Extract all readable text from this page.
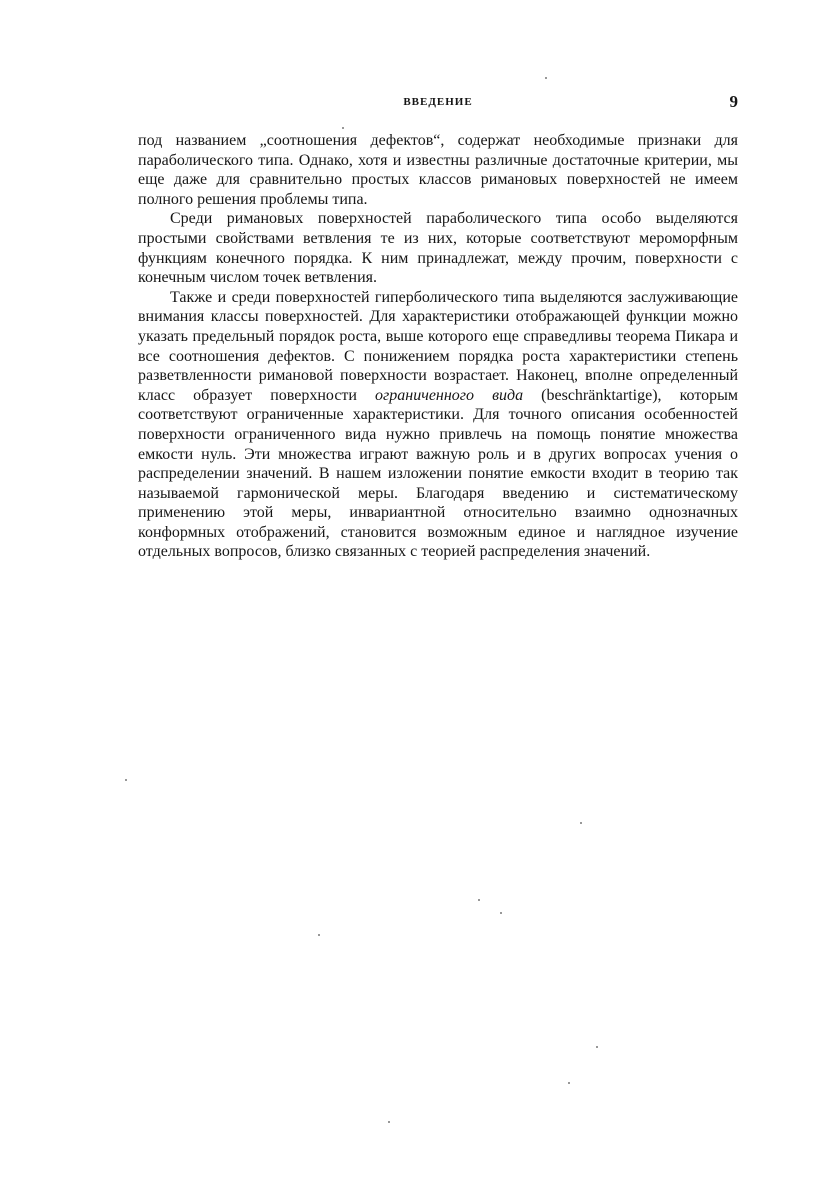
ВВЕДЕНИЕ	9

под названием „соотношения дефектов“, содержат необходимые признаки для параболического типа. Однако, хотя и известны различные достаточные критерии, мы еще даже для сравнительно простых классов римановых поверхностей не имеем полного решения проблемы типа.

Среди римановых поверхностей параболического типа особо выделяются простыми свойствами ветвления те из них, которые соответствуют мероморфным функциям конечного порядка. К ним принадлежат, между прочим, поверхности с конечным числом точек ветвления.

Также и среди поверхностей гиперболического типа выделяются заслуживающие внимания классы поверхностей. Для характеристики отображающей функции можно указать предельный порядок роста, выше которого еще справедливы теорема Пикара и все соотношения дефектов. С понижением порядка роста характеристики степень разветвленности римановой поверхности возрастает. Наконец, вполне определенный класс образует поверхности ограниченного вида (beschränktartige), которым соответствуют ограниченные характеристики. Для точного описания особенностей поверхности ограниченного вида нужно привлечь на помощь понятие множества емкости нуль. Эти множества играют важную роль и в других вопросах учения о распределении значений. В нашем изложении понятие емкости входит в теорию так называемой гармонической меры. Благодаря введению и систематическому применению этой меры, инвариантной относительно взаимно однозначных конформных отображений, становится возможным единое и наглядное изучение отдельных вопросов, близко связанных с теорией распределения значений.
